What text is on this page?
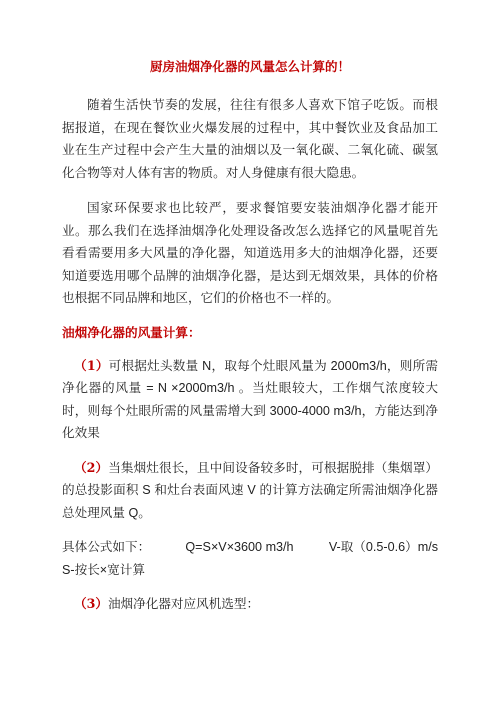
厨房油烟净化器的风量怎么计算的！

随着生活快节奏的发展，往往有很多人喜欢下馆子吃饭。而根据报道，在现在餐饮业火爆发展的过程中，其中餐饮业及食品加工业在生产过程中会产生大量的油烟以及一氧化碳、二氧化硫、碳氢化合物等对人体有害的物质。对人身健康有很大隐患。

国家环保要求也比较严，要求餐馆要安装油烟净化器才能开业。那么我们在选择油烟净化处理设备改怎么选择它的风量呢首先看看需要用多大风量的净化器，知道选用多大的油烟净化器，还要知道要选用哪个品牌的油烟净化器，是达到无烟效果，具体的价格也根据不同品牌和地区，它们的价格也不一样的。

油烟净化器的风量计算：

（1）可根据灶头数量 N，取每个灶眼风量为 2000m3/h，则所需净化器的风量 = N ×2000m3/h 。当灶眼较大，工作烟气浓度较大时，则每个灶眼所需的风量需增大到 3000-4000 m3/h，方能达到净化效果

（2）当集烟灶很长，且中间设备较多时，可根据脱排（集烟罩）的总投影面积 S 和灶台表面风速 V 的计算方法确定所需油烟净化器总处理风量 Q。

具体公式如下：	Q=S×V×3600 m3/h	V-取（0.5-0.6）m/s
S-按长×宽计算

（3）油烟净化器对应风机选型：
